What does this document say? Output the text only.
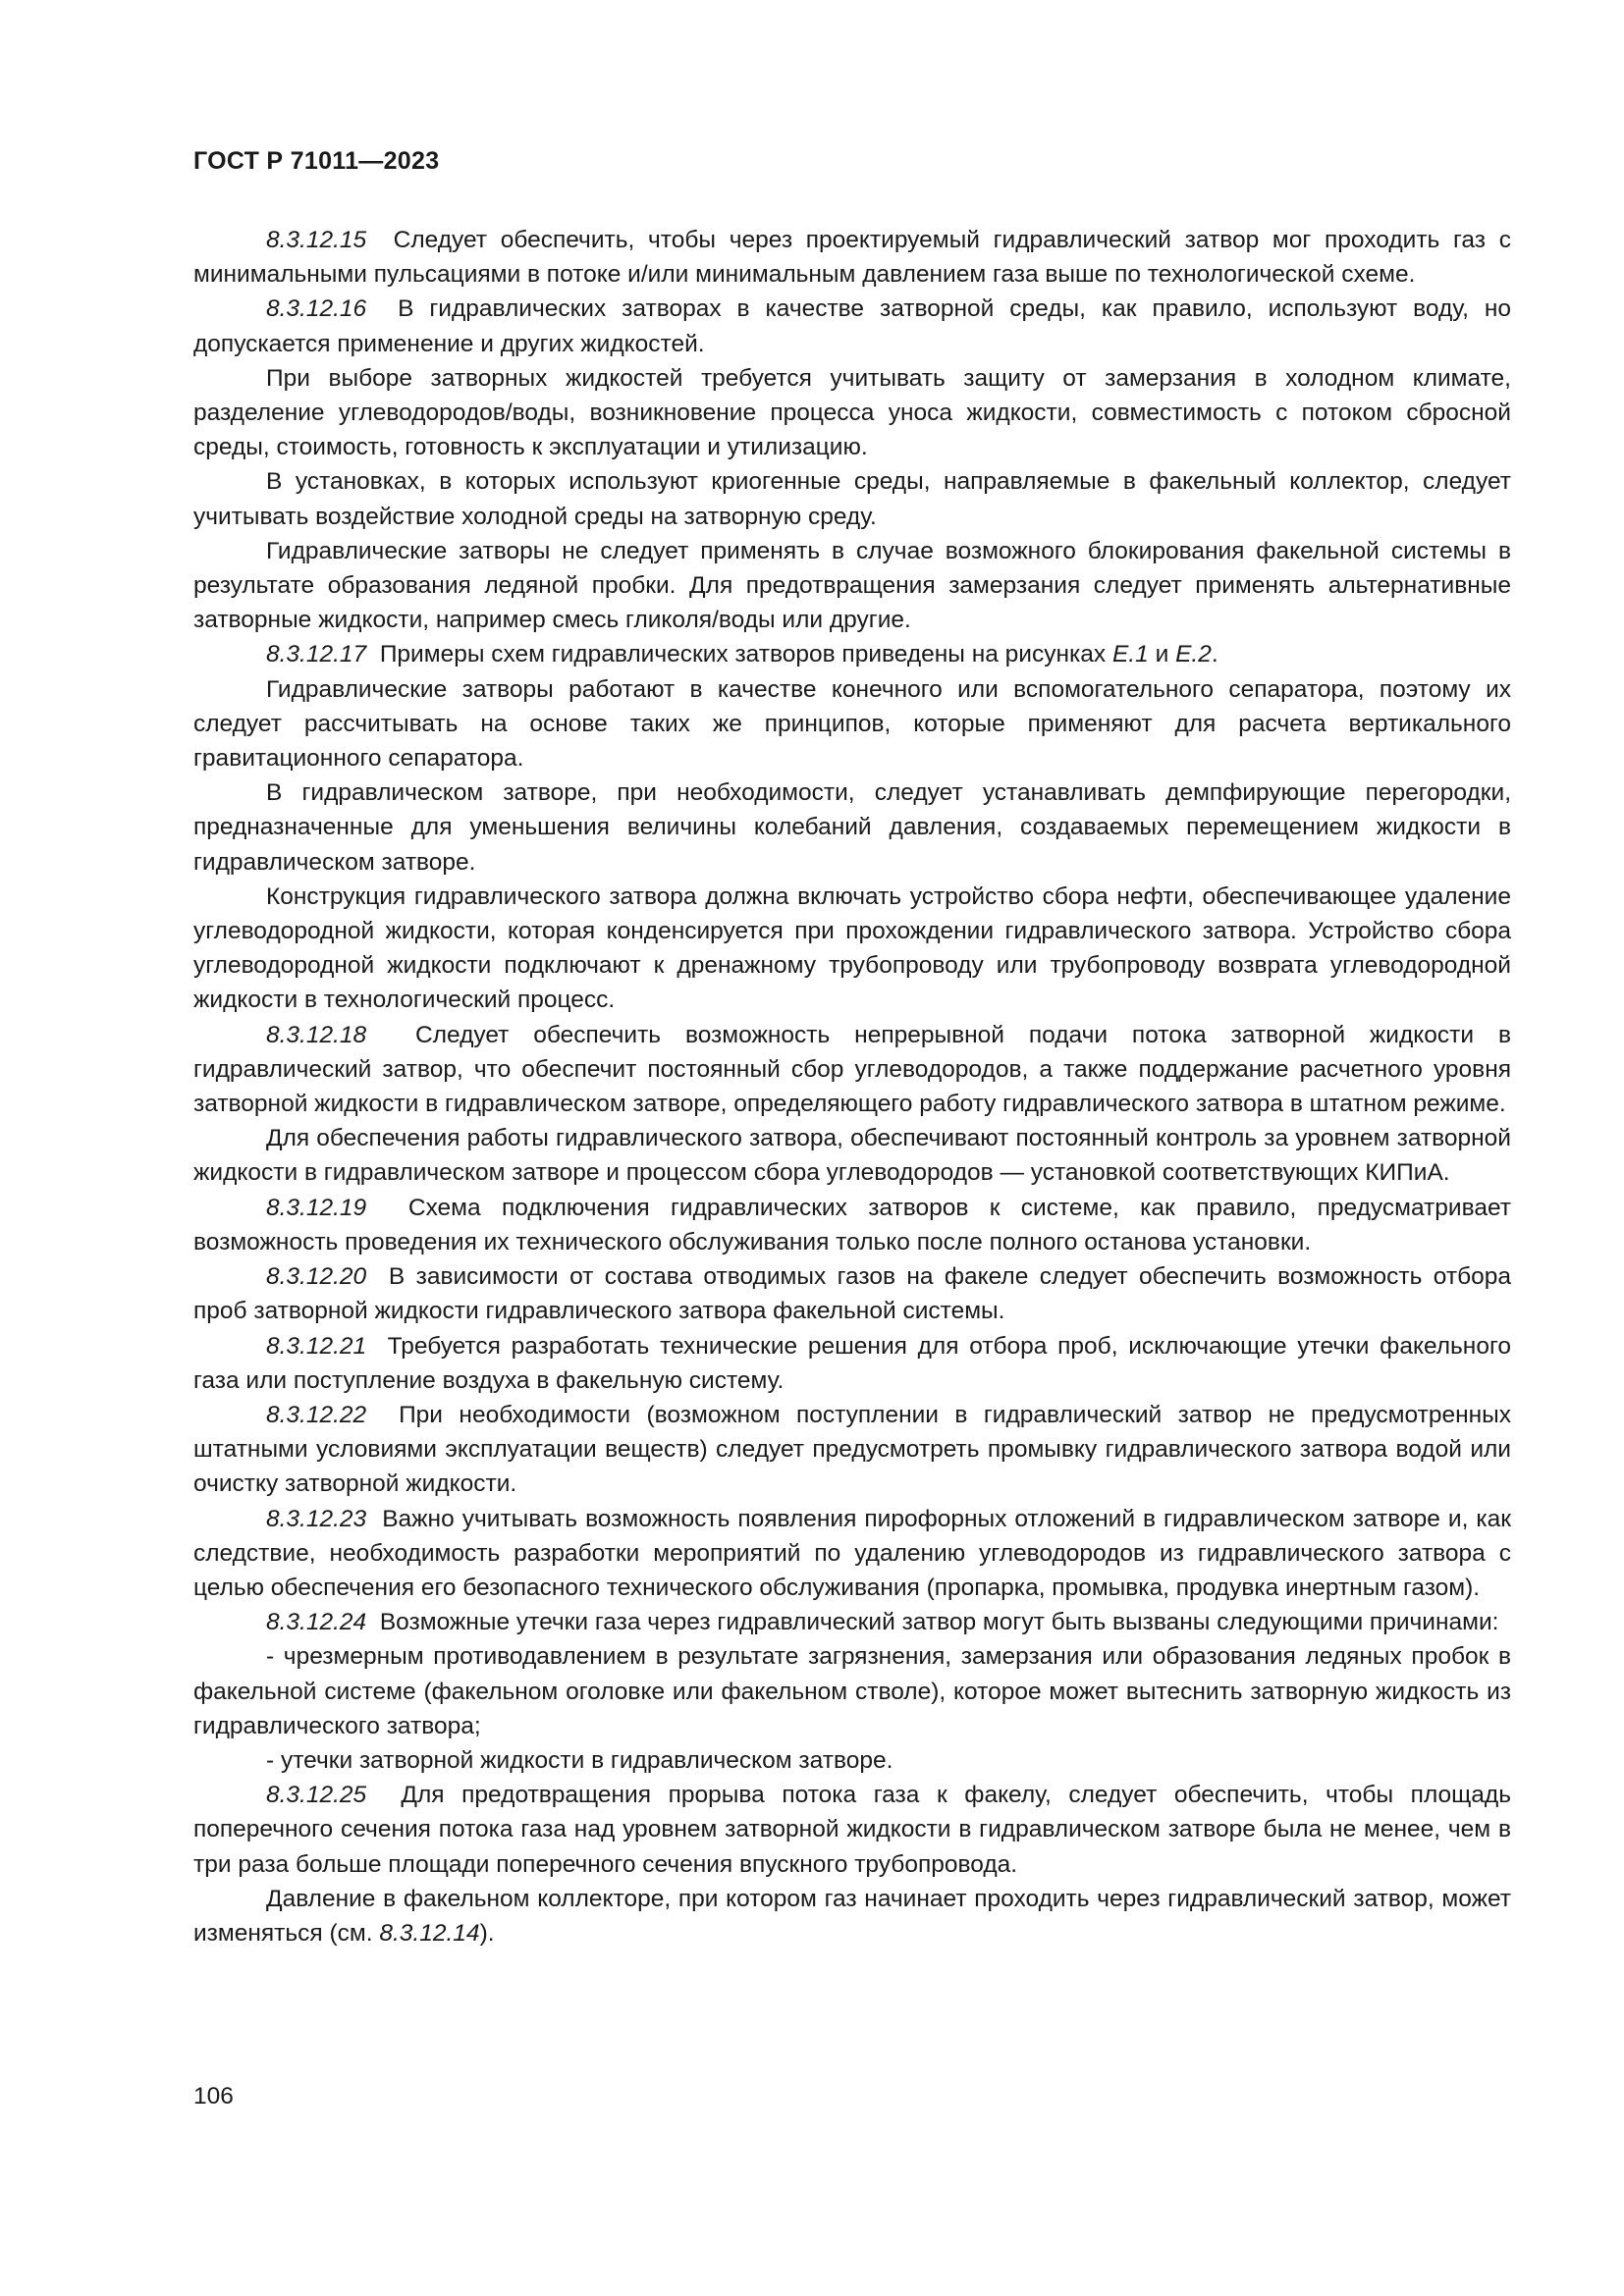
ГОСТ Р 71011—2023

8.3.12.15 Следует обеспечить, чтобы через проектируемый гидравлический затвор мог проходить газ с минимальными пульсациями в потоке и/или минимальным давлением газа выше по технологической схеме.

8.3.12.16 В гидравлических затворах в качестве затворной среды, как правило, используют воду, но допускается применение и других жидкостей.

При выборе затворных жидкостей требуется учитывать защиту от замерзания в холодном климате, разделение углеводородов/воды, возникновение процесса уноса жидкости, совместимость с потоком сбросной среды, стоимость, готовность к эксплуатации и утилизацию.

В установках, в которых используют криогенные среды, направляемые в факельный коллектор, следует учитывать воздействие холодной среды на затворную среду.

Гидравлические затворы не следует применять в случае возможного блокирования факельной системы в результате образования ледяной пробки. Для предотвращения замерзания следует применять альтернативные затворные жидкости, например смесь гликоля/воды или другие.

8.3.12.17 Примеры схем гидравлических затворов приведены на рисунках Е.1 и Е.2.

Гидравлические затворы работают в качестве конечного или вспомогательного сепаратора, поэтому их следует рассчитывать на основе таких же принципов, которые применяют для расчета вертикального гравитационного сепаратора.

В гидравлическом затворе, при необходимости, следует устанавливать демпфирующие перегородки, предназначенные для уменьшения величины колебаний давления, создаваемых перемещением жидкости в гидравлическом затворе.

Конструкция гидравлического затвора должна включать устройство сбора нефти, обеспечивающее удаление углеводородной жидкости, которая конденсируется при прохождении гидравлического затвора. Устройство сбора углеводородной жидкости подключают к дренажному трубопроводу или трубопроводу возврата углеводородной жидкости в технологический процесс.

8.3.12.18 Следует обеспечить возможность непрерывной подачи потока затворной жидкости в гидравлический затвор, что обеспечит постоянный сбор углеводородов, а также поддержание расчетного уровня затворной жидкости в гидравлическом затворе, определяющего работу гидравлического затвора в штатном режиме.

Для обеспечения работы гидравлического затвора, обеспечивают постоянный контроль за уровнем затворной жидкости в гидравлическом затворе и процессом сбора углеводородов — установкой соответствующих КИПиА.

8.3.12.19 Схема подключения гидравлических затворов к системе, как правило, предусматривает возможность проведения их технического обслуживания только после полного останова установки.

8.3.12.20 В зависимости от состава отводимых газов на факеле следует обеспечить возможность отбора проб затворной жидкости гидравлического затвора факельной системы.

8.3.12.21 Требуется разработать технические решения для отбора проб, исключающие утечки факельного газа или поступление воздуха в факельную систему.

8.3.12.22 При необходимости (возможном поступлении в гидравлический затвор не предусмотренных штатными условиями эксплуатации веществ) следует предусмотреть промывку гидравлического затвора водой или очистку затворной жидкости.

8.3.12.23 Важно учитывать возможность появления пирофорных отложений в гидравлическом затворе и, как следствие, необходимость разработки мероприятий по удалению углеводородов из гидравлического затвора с целью обеспечения его безопасного технического обслуживания (пропарка, промывка, продувка инертным газом).

8.3.12.24 Возможные утечки газа через гидравлический затвор могут быть вызваны следующими причинами:

- чрезмерным противодавлением в результате загрязнения, замерзания или образования ледяных пробок в факельной системе (факельном оголовке или факельном стволе), которое может вытеснить затворную жидкость из гидравлического затвора;

- утечки затворной жидкости в гидравлическом затворе.

8.3.12.25 Для предотвращения прорыва потока газа к факелу, следует обеспечить, чтобы площадь поперечного сечения потока газа над уровнем затворной жидкости в гидравлическом затворе была не менее, чем в три раза больше площади поперечного сечения впускного трубопровода.

Давление в факельном коллекторе, при котором газ начинает проходить через гидравлический затвор, может изменяться (см. 8.3.12.14).

106
